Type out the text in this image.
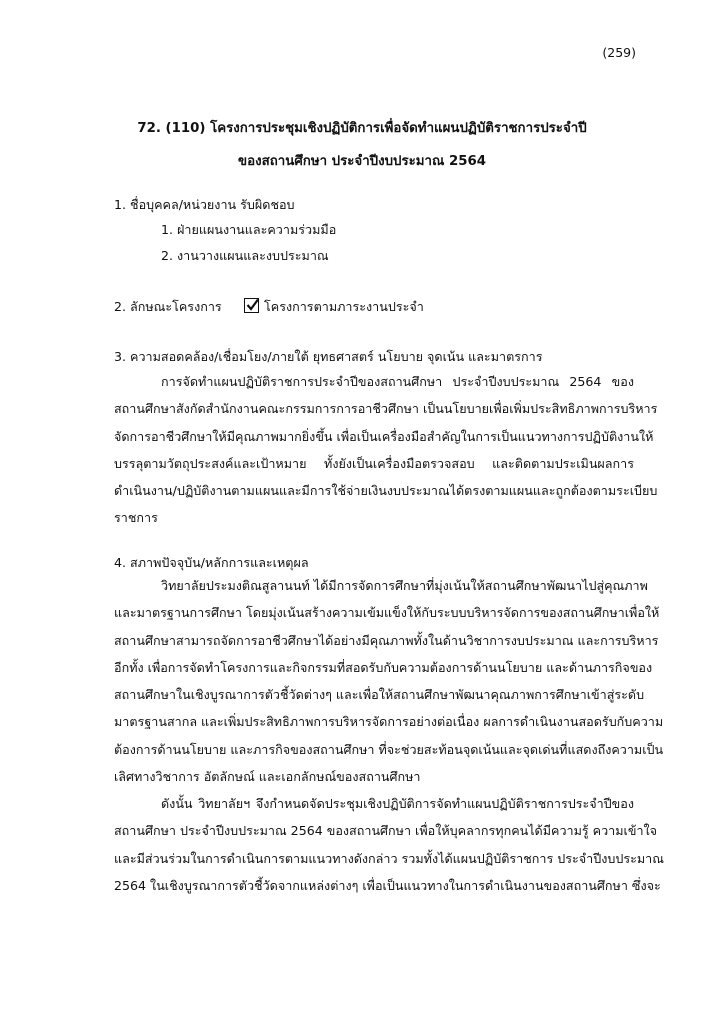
(259)
72. (110) โครงการประชุมเชิงปฏิบัติการเพื่อจัดทำแผนปฏิบัติราชการประจำปี
ของสถานศึกษา ประจำปีงบประมาณ 2564
1. ชื่อบุคคล/หน่วยงาน รับผิดชอบ
1. ฝ่ายแผนงานและความร่วมมือ
2. งานวางแผนและงบประมาณ
2. ลักษณะโครงการ	โครงการตามภาระงานประจำ
3. ความสอดคล้อง/เชื่อมโยง/ภายใต้ ยุทธศาสตร์ นโยบาย จุดเน้น และมาตรการ
การจัดทำแผนปฏิบัติราชการประจำปีของสถานศึกษา ประจำปีงบประมาณ 2564 ของ
สถานศึกษาสังกัดสำนักงานคณะกรรมการการอาชีวศึกษา เป็นนโยบายเพื่อเพิ่มประสิทธิภาพการบริหาร
จัดการอาชีวศึกษาให้มีคุณภาพมากยิ่งขึ้น เพื่อเป็นเครื่องมือสำคัญในการเป็นแนวทางการปฏิบัติงานให้
บรรลุตามวัตถุประสงค์และเป้าหมาย ทั้งยังเป็นเครื่องมือตรวจสอบ และติดตามประเมินผลการ
ดำเนินงาน/ปฏิบัติงานตามแผนและมีการใช้จ่ายเงินงบประมาณได้ตรงตามแผนและถูกต้องตามระเบียบ
ราชการ
4. สภาพปัจจุบัน/หลักการและเหตุผล
วิทยาลัยประมงติณสูลานนท์ ได้มีการจัดการศึกษาที่มุ่งเน้นให้สถานศึกษาพัฒนาไปสู่คุณภาพ
และมาตรฐานการศึกษา โดยมุ่งเน้นสร้างความเข้มแข็งให้กับระบบบริหารจัดการของสถานศึกษาเพื่อให้
สถานศึกษาสามารถจัดการอาชีวศึกษาได้อย่างมีคุณภาพทั้งในด้านวิชาการงบประมาณ และการบริหาร
อีกทั้ง เพื่อการจัดทำโครงการและกิจกรรมที่สอดรับกับความต้องการด้านนโยบาย และด้านภารกิจของ
สถานศึกษาในเชิงบูรณาการตัวชี้วัดต่างๆ และเพื่อให้สถานศึกษาพัฒนาคุณภาพการศึกษาเข้าสู่ระดับ
มาตรฐานสากล และเพิ่มประสิทธิภาพการบริหารจัดการอย่างต่อเนื่อง ผลการดำเนินงานสอดรับกับความ
ต้องการด้านนโยบาย และภารกิจของสถานศึกษา ที่จะช่วยสะท้อนจุดเน้นและจุดเด่นที่แสดงถึงความเป็น
เลิศทางวิชาการ อัตลักษณ์ และเอกลักษณ์ของสถานศึกษา
ดังนั้น วิทยาลัยฯ จึงกำหนดจัดประชุมเชิงปฏิบัติการจัดทำแผนปฏิบัติราชการประจำปีของ
สถานศึกษา ประจำปีงบประมาณ 2564 ของสถานศึกษา เพื่อให้บุคลากรทุกคนได้มีความรู้ ความเข้าใจ
และมีส่วนร่วมในการดำเนินการตามแนวทางดังกล่าว รวมทั้งได้แผนปฏิบัติราชการ ประจำปีงบประมาณ
2564 ในเชิงบูรณาการตัวชี้วัดจากแหล่งต่างๆ เพื่อเป็นแนวทางในการดำเนินงานของสถานศึกษา ซึ่งจะ
